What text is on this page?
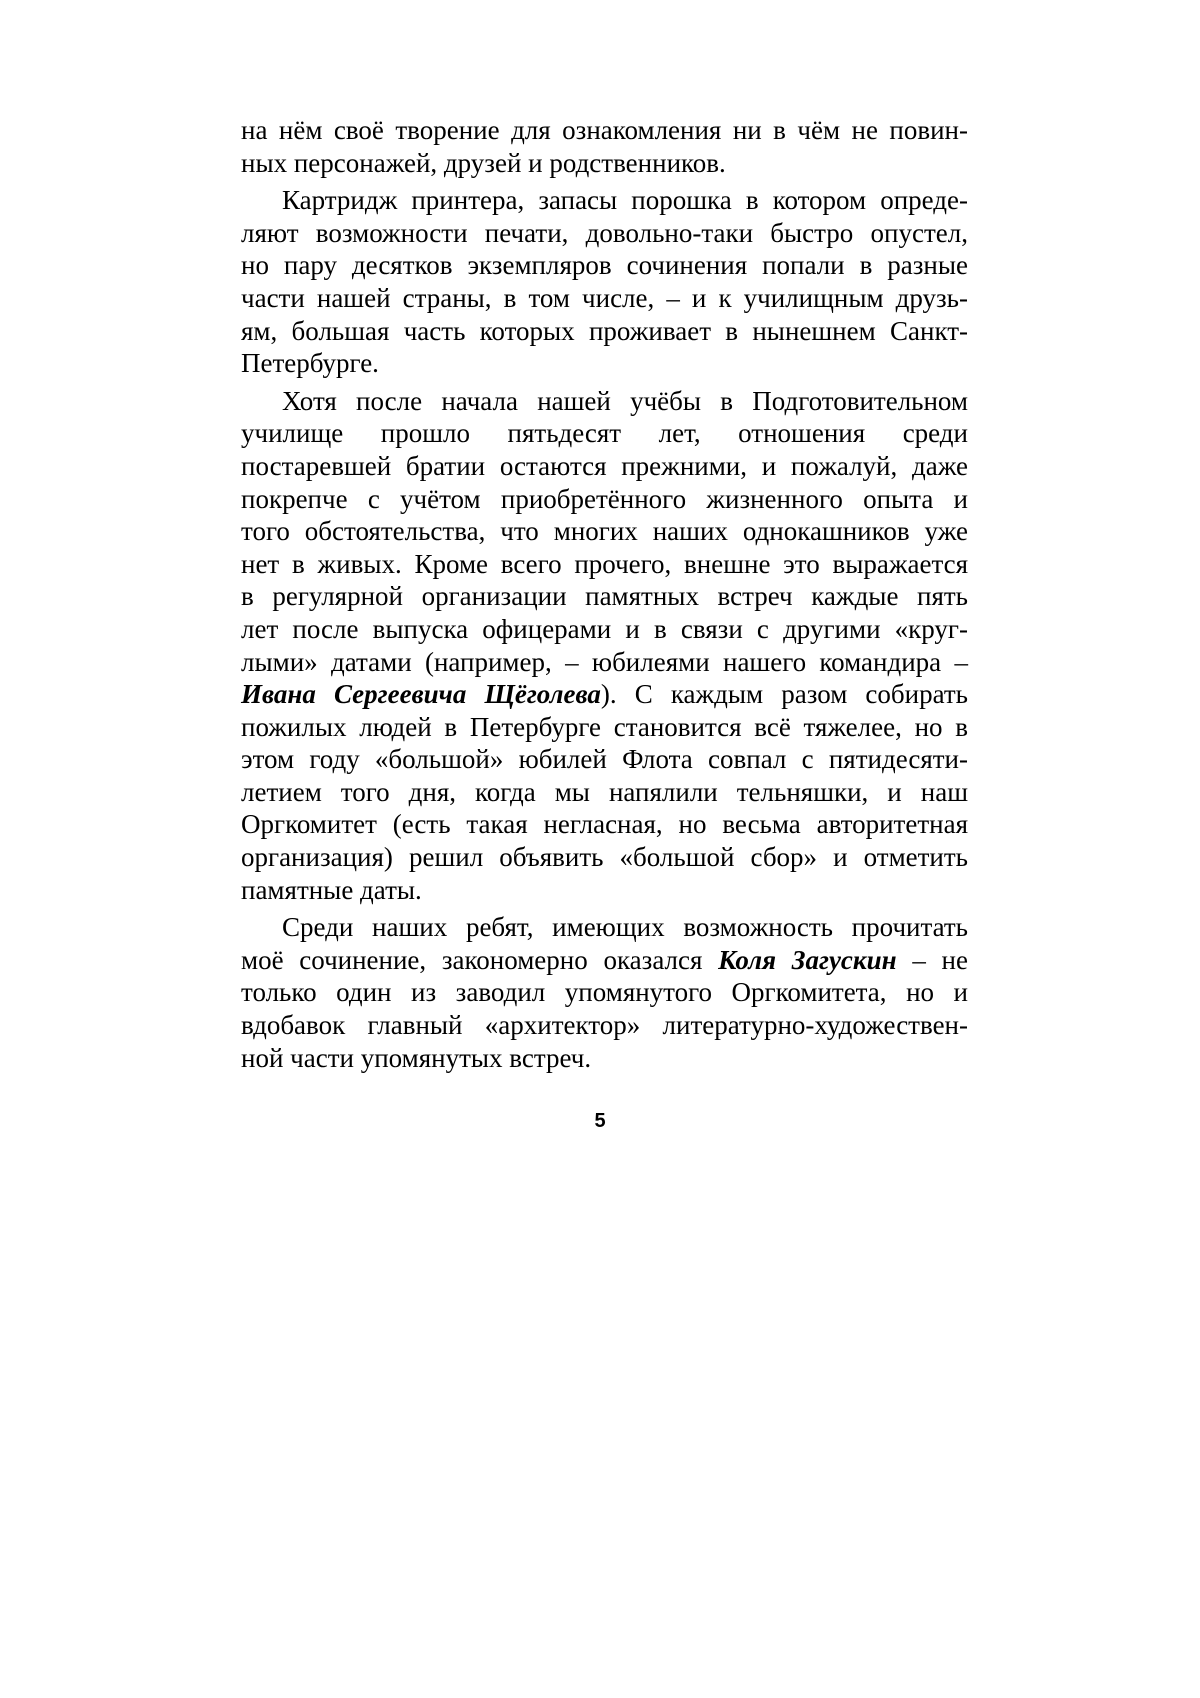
на нём своё творение для ознакомления ни в чём не повин-
ных персонажей, друзей и родственников.
Картридж принтера, запасы порошка в котором опреде-
ляют возможности печати, довольно-таки быстро опустел,
но пару десятков экземпляров сочинения попали в разные
части нашей страны, в том числе, – и к училищным друзь-
ям, большая часть которых проживает в нынешнем Санкт-
Петербурге.
Хотя после начала нашей учёбы в Подготовительном
училище прошло пятьдесят лет, отношения среди
постаревшей братии остаются прежними, и пожалуй, даже
покрепче с учётом приобретённого жизненного опыта и
того обстоятельства, что многих наших однокашников уже
нет в живых. Кроме всего прочего, внешне это выражается
в регулярной организации памятных встреч каждые пять
лет после выпуска офицерами и в связи с другими «круг-
лыми» датами (например, – юбилеями нашего командира –
Ивана Сергеевича Щёголева). С каждым разом собирать
пожилых людей в Петербурге становится всё тяжелее, но в
этом году «большой» юбилей Флота совпал с пятидесяти-
летием того дня, когда мы напялили тельняшки, и наш
Оргкомитет (есть такая негласная, но весьма авторитетная
организация) решил объявить «большой сбор» и отметить
памятные даты.
Среди наших ребят, имеющих возможность прочитать
моё сочинение, закономерно оказался Коля Загускин – не
только один из заводил упомянутого Оргкомитета, но и
вдобавок главный «архитектор» литературно-художествен-
ной части упомянутых встреч.
5
